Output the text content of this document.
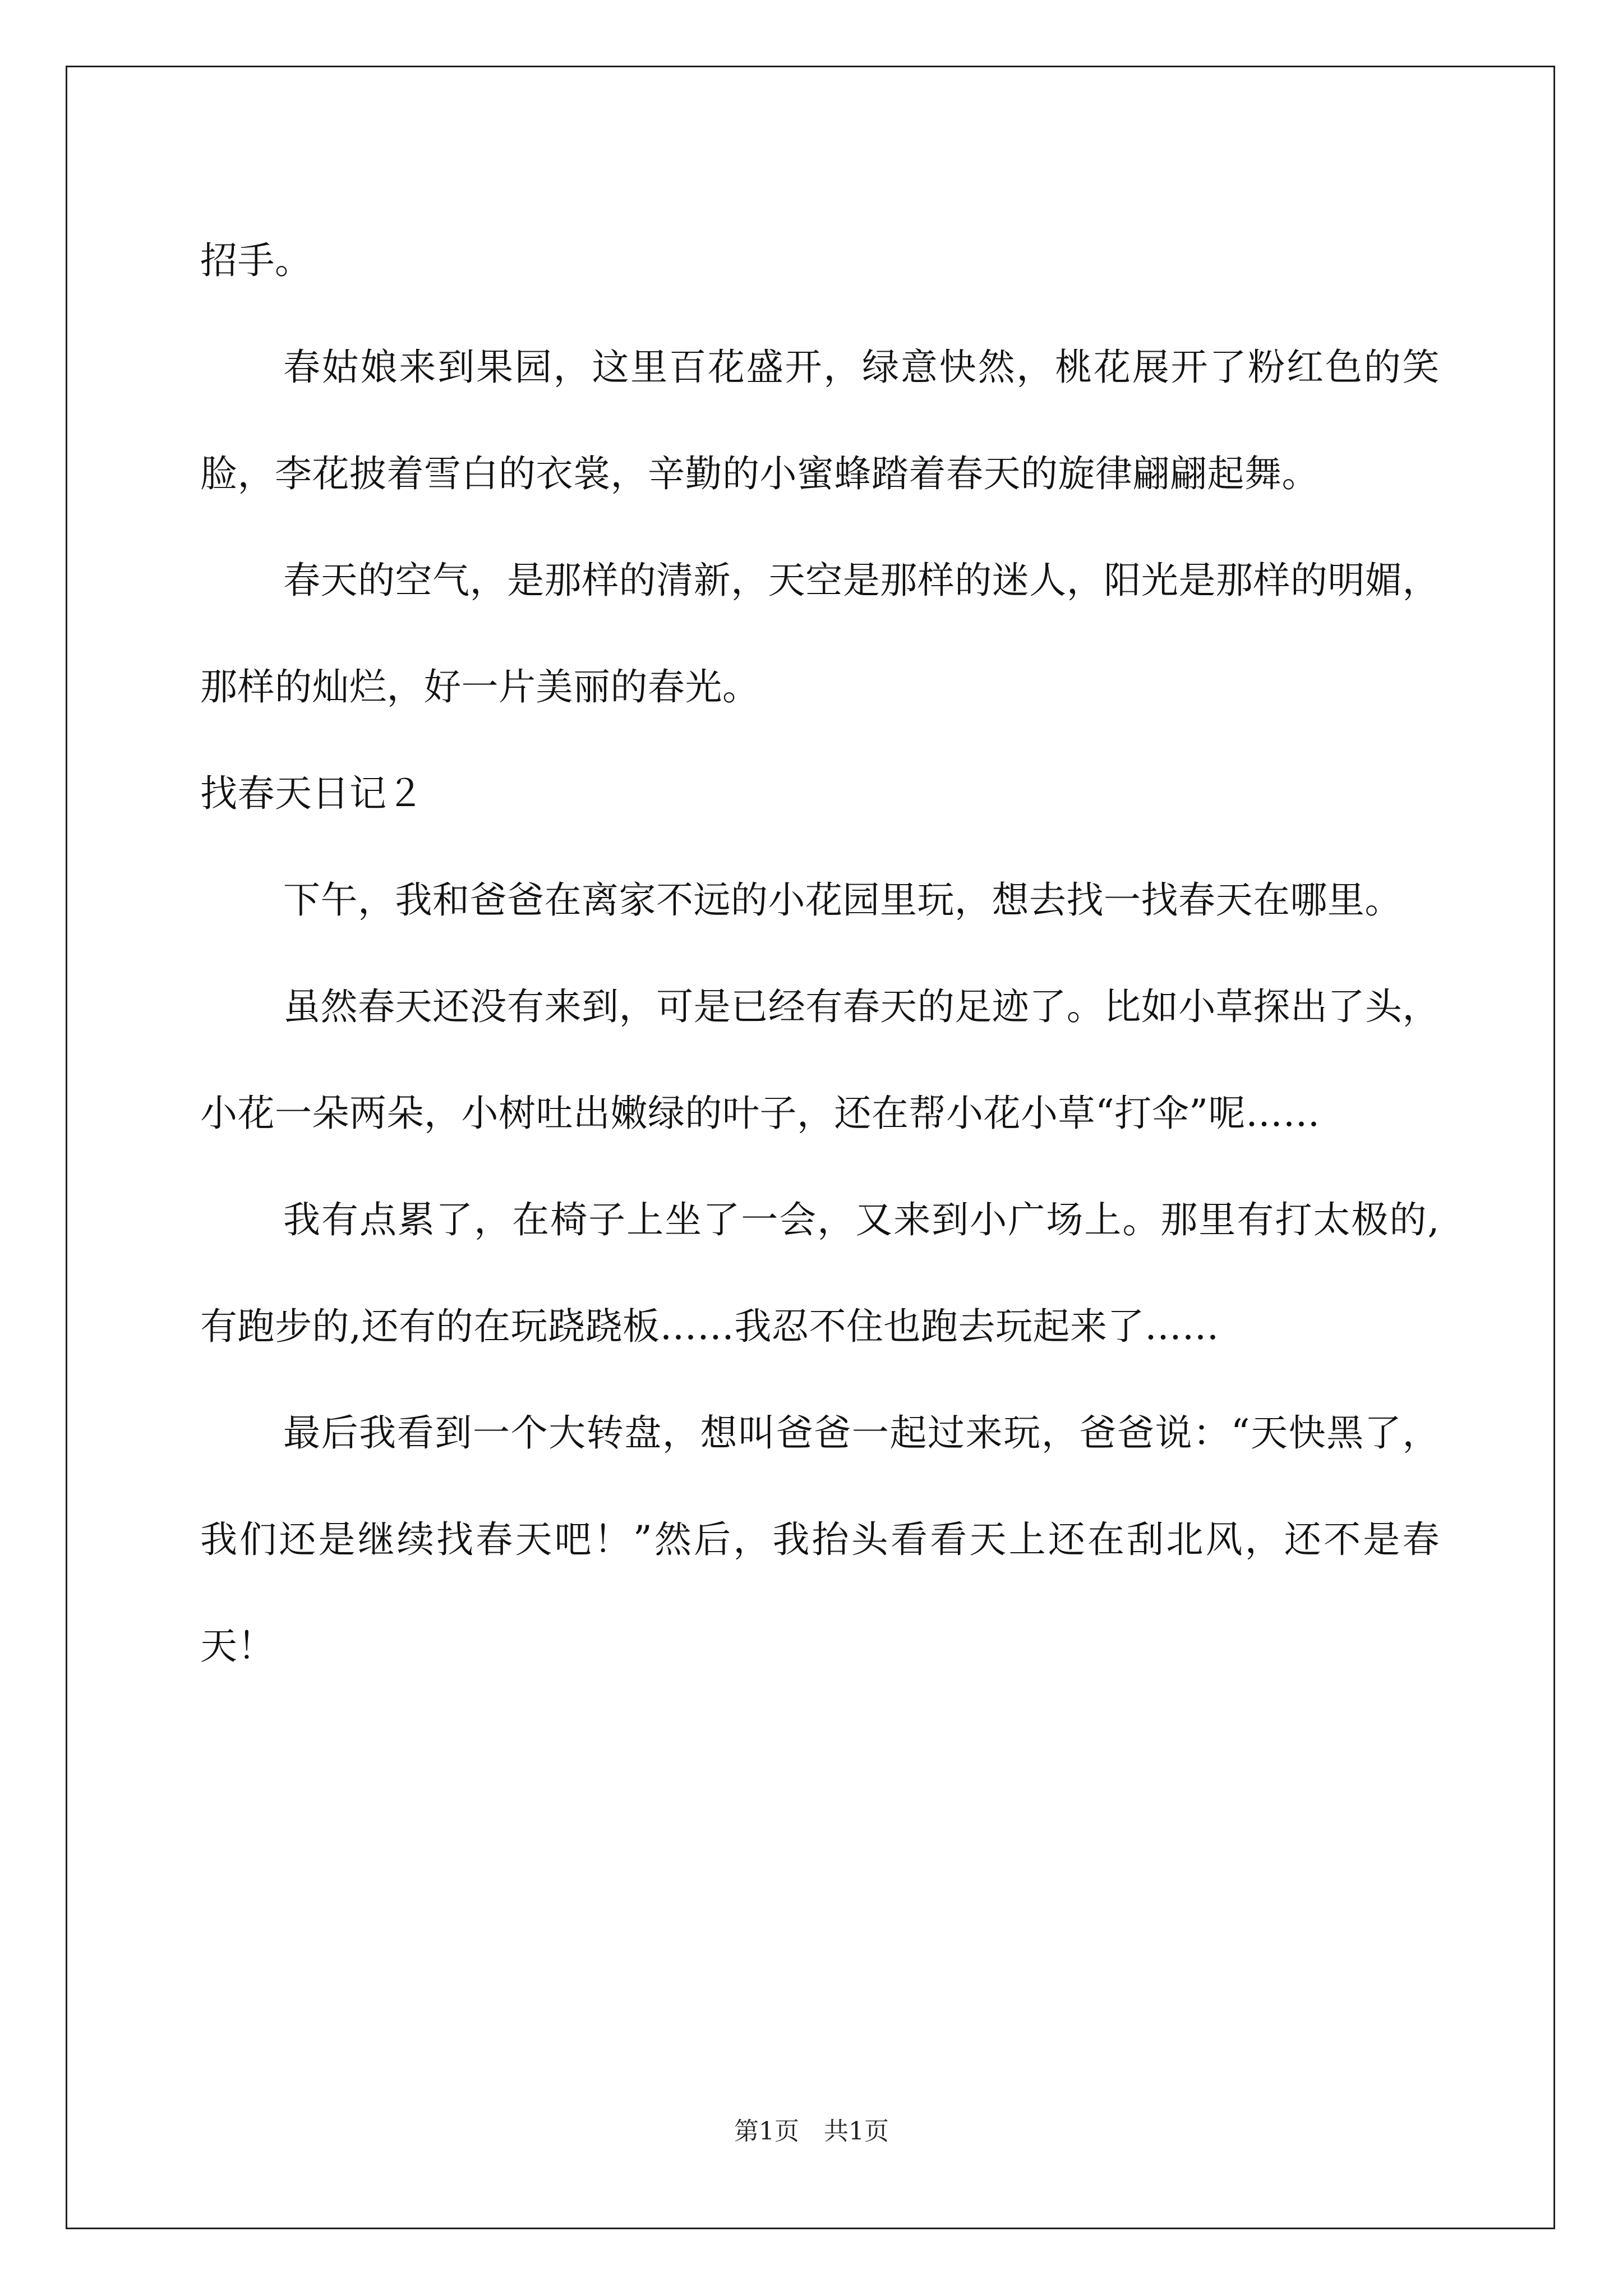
招手。

春姑娘来到果园，这里百花盛开，绿意快然，桃花展开了粉红色的笑脸，李花披着雪白的衣裳，辛勤的小蜜蜂踏着春天的旋律翩翩起舞。

春天的空气，是那样的清新，天空是那样的迷人，阳光是那样的明媚，那样的灿烂，好一片美丽的春光。

找春天日记２

下午，我和爸爸在离家不远的小花园里玩，想去找一找春天在哪里。

虽然春天还没有来到，可是已经有春天的足迹了。比如小草探出了头，小花一朵两朵，小树吐出嫩绿的叶子，还在帮小花小草“打伞”呢……

我有点累了，在椅子上坐了一会，又来到小广场上。那里有打太极的,有跑步的,还有的在玩跷跷板……我忍不住也跑去玩起来了……

最后我看到一个大转盘，想叫爸爸一起过来玩，爸爸说：“天快黑了，我们还是继续找春天吧！”然后，我抬头看看天上还在刮北风，还不是春天！

第1页　共1页
